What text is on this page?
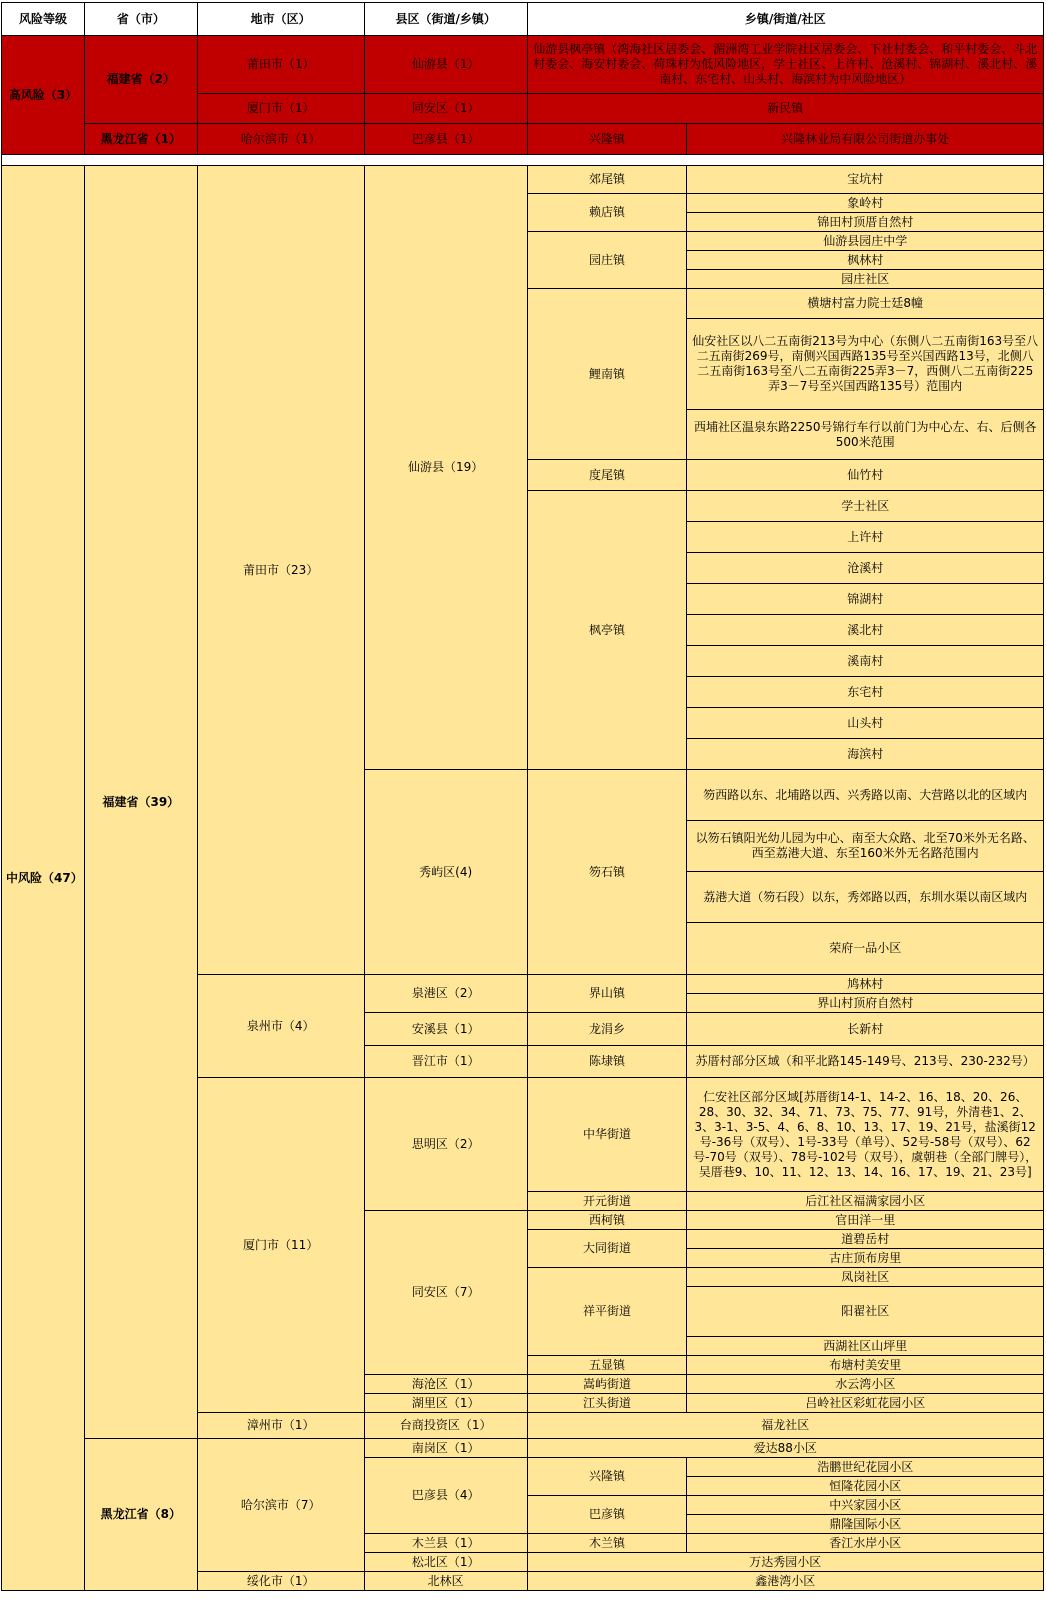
风险等级	省（市）	地市（区）	县区（街道/乡镇）	乡镇/街道/社区	
高风险（3）	福建省（2）	莆田市（1）	仙游县（1）	仙游县枫亭镇（湾海社区居委会、湄洲湾工业学院社区居委会、下社村委会、和平村委会、斗北村委会、海安村委会、荷珠村为低风险地区，学士社区、上许村、沧溪村、锦湖村、溪北村、溪南村、东宅村、山头村、海滨村为中风险地区）	
		厦门市（1）	同安区（1）	新民镇	
	黑龙江省（1）	哈尔滨市（1）	巴彦县（1）	兴隆镇	兴隆林业局有限公司街道办事处

中风险（47）	福建省（39）	莆田市（23）	仙游县（19）	郊尾镇	宝坑村
				赖店镇	象岭村
					锦田村顶厝自然村
				园庄镇	仙游县园庄中学
					枫林村
					园庄社区
				鲤南镇	横塘村富力院士廷8幢
					仙安社区以八二五南街213号为中心（东侧八二五南街163号至八二五南街269号，南侧兴国西路135号至兴国西路13号，北侧八二五南街163号至八二五南街225弄3－7，西侧八二五南街225弄3－7号至兴国西路135号）范围内
					西埔社区温泉东路2250号锦行车行以前门为中心左、右、后侧各500米范围
				度尾镇	仙竹村
				枫亭镇	学士社区
					上许村
					沧溪村
					锦湖村
					溪北村
					溪南村
					东宅村
					山头村
					海滨村
			秀屿区(4)	笏石镇	笏西路以东、北埔路以西、兴秀路以南、大营路以北的区域内
					以笏石镇阳光幼儿园为中心、南至大众路、北至70米外无名路、西至荔港大道、东至160米外无名路范围内
					荔港大道（笏石段）以东，秀郊路以西，东圳水渠以南区域内
					荣府一品小区
		泉州市（4）	泉港区（2）	界山镇	鸠林村
					界山村顶府自然村
			安溪县（1）	龙涓乡	长新村
			晋江市（1）	陈埭镇	苏厝村部分区域（和平北路145-149号、213号、230-232号）
		厦门市（11）	思明区（2）	中华街道	仁安社区部分区域[苏厝街14-1、14-2、16、18、20、26、28、30、32、34、71、73、75、77、91号，外清巷1、2、3、3-1、3-5、4、6、8、10、13、17、19、21号，盐溪街12号-36号（双号）、1号-33号（单号）、52号-58号（双号）、62号-70号（双号）、78号-102号（双号），虞朝巷（全部门牌号），吴厝巷9、10、11、12、13、14、16、17、19、21、23号]
				开元街道	后江社区福满家园小区
			同安区（7）	西柯镇	官田洋一里
				大同街道	道碧岳村
					古庄顶布房里
				祥平街道	凤岗社区
					阳翟社区
					西湖社区山坪里
				五显镇	布塘村美安里
			海沧区（1）	嵩屿街道	水云湾小区
			湖里区（1）	江头街道	吕岭社区彩虹花园小区
		漳州市（1）	台商投资区（1）	福龙社区	
	黑龙江省（8）	哈尔滨市（7）	南岗区（1）	爱达88小区	
			巴彦县（4）	兴隆镇	浩鹏世纪花园小区
					恒隆花园小区
				巴彦镇	中兴家园小区
					鼎隆国际小区
			木兰县（1）	木兰镇	香江水岸小区
			松北区（1）	万达秀园小区	
		绥化市（1）	北林区	鑫港湾小区	
